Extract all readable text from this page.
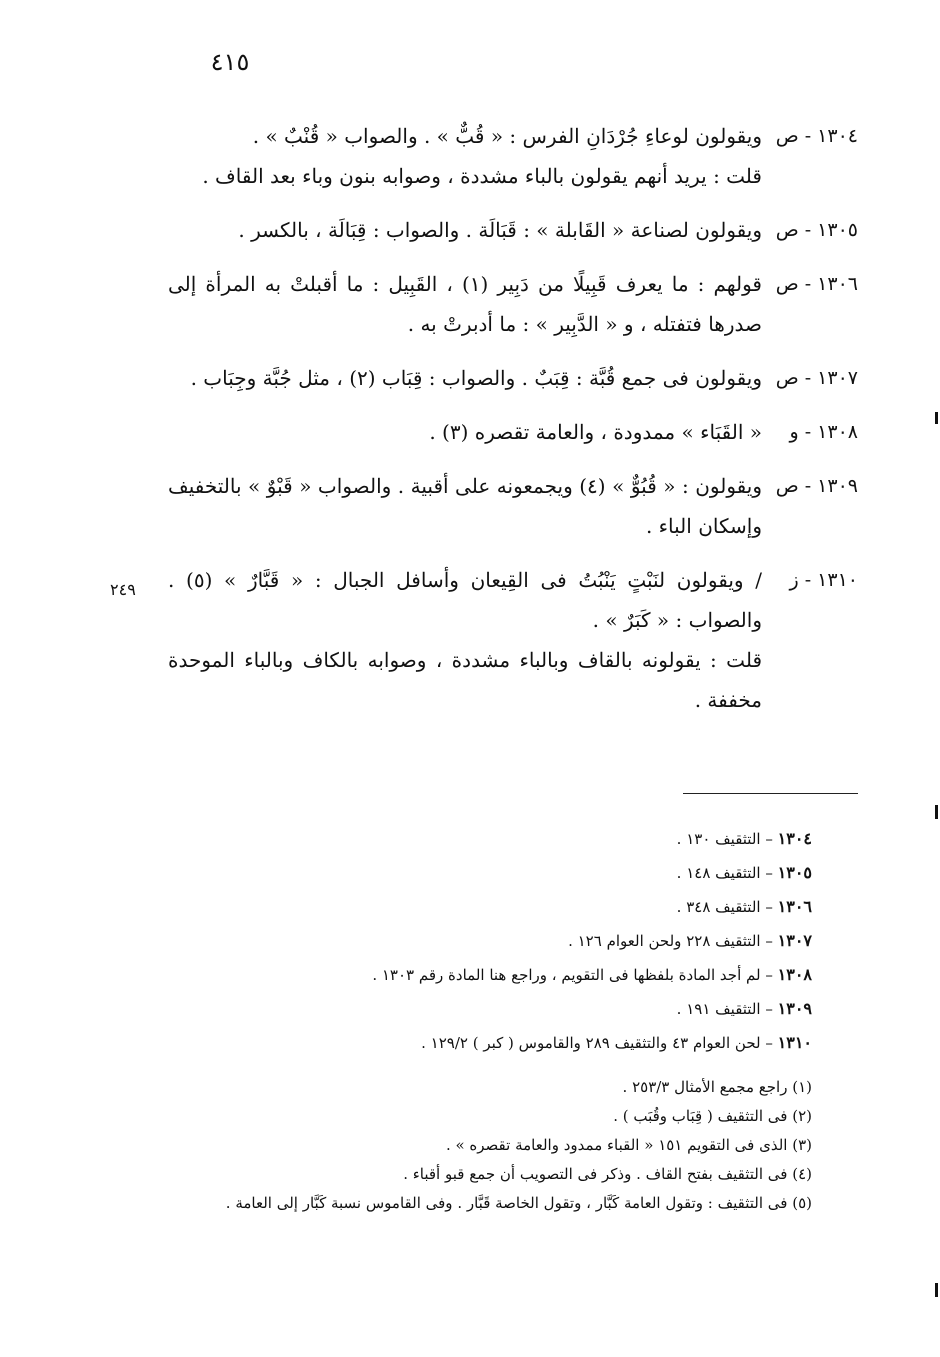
٤١٥
١٣٠٤ - ص
ويقولون لوعاءِ جُرْدَانِ الفرس : « قُبٌّ » . والصواب « قُنْبٌ » .
قلت : يريد أنهم يقولون بالباء مشددة ، وصوابه بنون وباء بعد القاف .
١٣٠٥ - ص
ويقولون لصناعة « القَابلة » : قَبَالَة . والصواب : قِبَالَة ، بالكسر .
١٣٠٦ - ص
قولهم : ما يعرف قَبِيلًا من دَبِير (١) ، القَبِيل : ما أقبلتْ به المرأة إلى صدرها فتفتله ، و « الدَّبِير » : ما أدبرتْ به .
١٣٠٧ - ص
ويقولون فى جمع قُبَّة : قِبَبٌ . والصواب : قِبَاب (٢) ، مثل جُبَّة وجِبَاب .
١٣٠٨ - و
« القَبَاء » ممدودة ، والعامة تقصره (٣) .
١٣٠٩ - ص
ويقولون : « قُبُوٌّ » (٤) ويجمعونه على أقبية . والصواب « قَبْوٌ » بالتخفيف وإسكان الباء .
١٣١٠ - ز
/ ويقولون لنَبْتٍ يَنْبُتُ فى القِيعان وأسافل الجبال : « قَبَّارٌ » (٥) . والصواب : « كَبَرٌ » .
قلت : يقولونه بالقاف وبالباء مشددة ، وصوابه بالكاف وبالباء الموحدة مخففة .
٢٤٩
١٣٠٤ – التثقيف ١٣٠ .
١٣٠٥ – التثقيف ١٤٨ .
١٣٠٦ – التثقيف ٣٤٨ .
١٣٠٧ – التثقيف ٢٢٨ ولحن العوام ١٢٦ .
١٣٠٨ – لم أجد المادة بلفظها فى التقويم ، وراجع هنا المادة رقم ١٣٠٣ .
١٣٠٩ – التثقيف ١٩١ .
١٣١٠ – لحن العوام ٤٣ والتثقيف ٢٨٩ والقاموس ( كبر ) ١٢٩/٢ .
(١) راجع مجمع الأمثال ٢٥٣/٣ .
(٢) فى التثقيف ( قِبَاب وقُبَب ) .
(٣) الذى فى التقويم ١٥١ « القباء ممدود والعامة تقصره » .
(٤) فى التثقيف بفتح القاف . وذكر فى التصويب أن جمع قبو أقباء .
(٥) فى التثقيف : وتقول العامة كَبَّار ، وتقول الخاصة قَبَّار . وفى القاموس نسبة كَبَّار إلى العامة .
